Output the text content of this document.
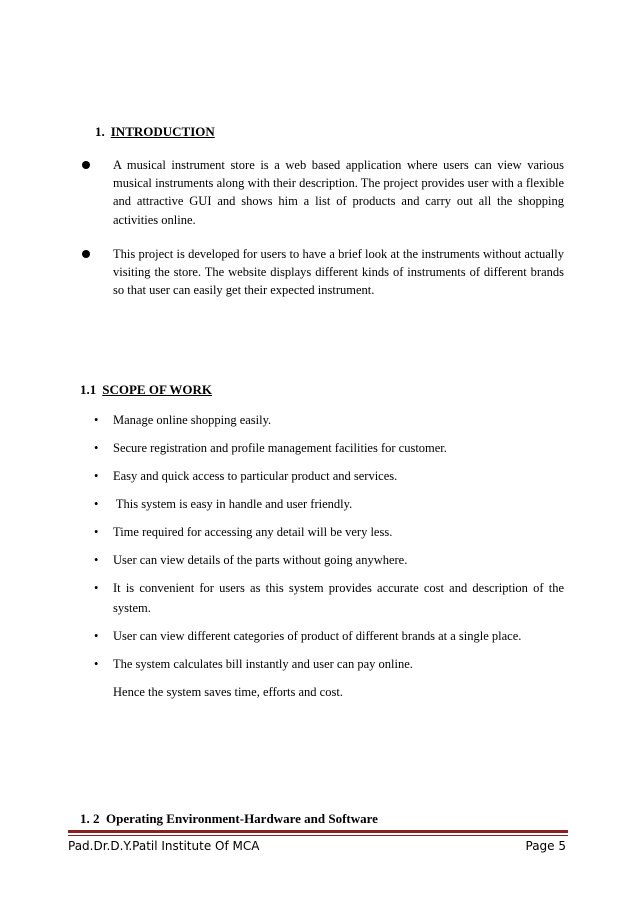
1. INTRODUCTION
A musical instrument store is a web based application where users can view various musical instruments along with their description. The project provides user with a flexible and attractive GUI and shows him a list of products and carry out all the shopping activities online.
This project is developed for users to have a brief look at the instruments without actually visiting the store. The website displays different kinds of instruments of different brands so that user can easily get their expected instrument.
1.1 SCOPE OF WORK
• Manage online shopping easily.
• Secure registration and profile management facilities for customer.
• Easy and quick access to particular product and services.
• This system is easy in handle and user friendly.
• Time required for accessing any detail will be very less.
• User can view details of the parts without going anywhere.
• It is convenient for users as this system provides accurate cost and description of the system.
• User can view different categories of product of different brands at a single place.
• The system calculates bill instantly and user can pay online.
Hence the system saves time, efforts and cost.
1. 2  Operating Environment-Hardware and Software
Pad.Dr.D.Y.Patil Institute Of MCA	Page 5
